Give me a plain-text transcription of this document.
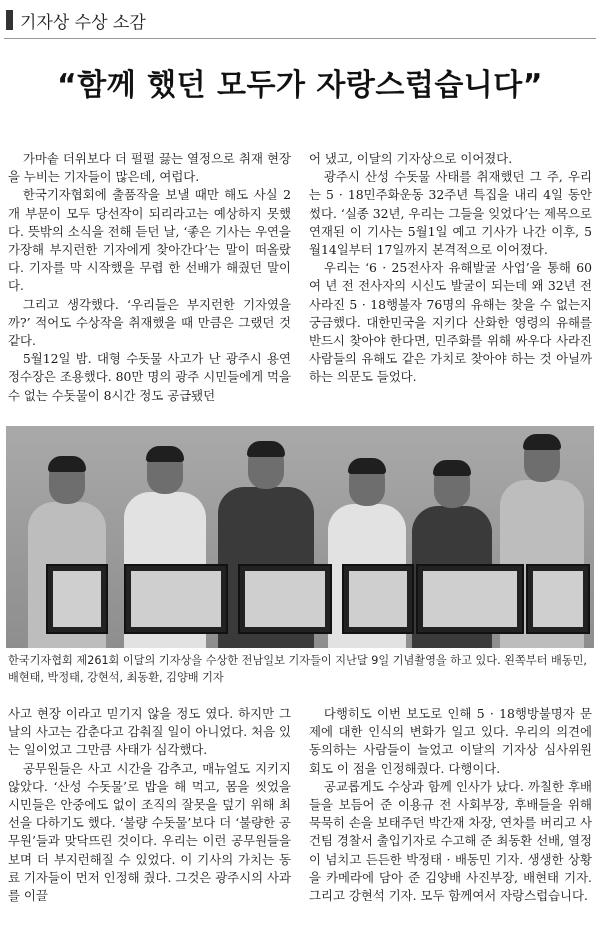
기자상 수상 소감
“함께 했던 모두가 자랑스럽습니다”

가마솥 더위보다 더 펄펄 끓는 열정으로 취재 현장을 누비는 기자들이 많은데, 여럽다.

한국기자협회에 출품작을 보낼 때만 해도 사실 2개 부문이 모두 당선작이 되리라고는 예상하지 못했다. 뜻밖의 소식을 전해 듣던 날, ‘좋은 기사는 우연을 가장해 부지런한 기자에게 찾아간다’는 말이 떠올랐다. 기자를 막 시작했을 무렵 한 선배가 해줬던 말이다.

그리고 생각했다. ‘우리들은 부지런한 기자였을까?’ 적어도 수상작을 취재했을 때 만큼은 그랬던 것 같다.

5월12일 밤. 대형 수돗물 사고가 난 광주시 용연정수장은 조용했다. 80만 명의 광주 시민들에게 먹을 수 없는 수돗물이 8시간 정도 공급됐던

어 냈고, 이달의 기자상으로 이어졌다.

광주시 산성 수돗물 사태를 취재했던 그 주, 우리는 5 · 18민주화운동 32주년 특집을 내리 4일 동안 썼다. ‘실종 32년, 우리는 그들을 잊었다’는 제목으로 연재된 이 기사는 5월1일 예고 기사가 나간 이후, 5월14일부터 17일까지 본격적으로 이어졌다.

우리는 ‘6 · 25전사자 유해발굴 사업’을 통해 60여 년 전 전사자의 시신도 발굴이 되는데 왜 32년 전 사라진 5 · 18행불자 76명의 유해는 찾을 수 없는지 궁금했다. 대한민국을 지키다 산화한 영령의 유해를 반드시 찾아야 한다면, 민주화를 위해 싸우다 사라진 사람들의 유해도 같은 가치로 찾아야 하는 것 아닐까 하는 의문도 들었다.

한국기자협회 제261회 이달의 기자상을 수상한 전남일보 기자들이 지난달 9일 기념촬영을 하고 있다. 왼쪽부터 배동민, 배현태, 박정태, 강현석, 최동환, 김양배 기자

사고 현장 이라고 믿기지 않을 정도 였다. 하지만 그날의 사고는 감춘다고 감춰질 일이 아니었다. 처음 있는 일이었고 그만큼 사태가 심각했다.

공무원들은 사고 시간을 감추고, 매뉴얼도 지키지 않았다. ‘산성 수돗물’로 밥을 해 먹고, 몸을 씻었을 시민들은 안중에도 없이 조직의 잘못을 덮기 위해 최선을 다하기도 했다. ‘불량 수돗물’보다 더 ‘불량한 공무원’들과 맞닥뜨린 것이다. 우리는 이런 공무원들을 보며 더 부지런해질 수 있었다. 이 기사의 가치는 동료 기자들이 먼저 인정해 줬다. 그것은 광주시의 사과를 이끌

다행히도 이번 보도로 인해 5 · 18행방불명자 문제에 대한 인식의 변화가 일고 있다. 우리의 의견에 동의하는 사람들이 늘었고 이달의 기자상 심사위원회도 이 점을 인정해줬다. 다행이다.

공교롭게도 수상과 함께 인사가 났다. 까칠한 후배들을 보듬어 준 이용규 전 사회부장, 후배들을 위해 묵묵히 손을 보태주던 박간재 차장, 연차를 버리고 사건팀 경찰서 출입기자로 수고해 준 최동환 선배, 열정이 넘치고 든든한 박정태 · 배동민 기자. 생생한 상황을 카메라에 담아 준 김양배 사진부장, 배현태 기자. 그리고 강현석 기자. 모두 함께여서 자랑스럽습니다.
